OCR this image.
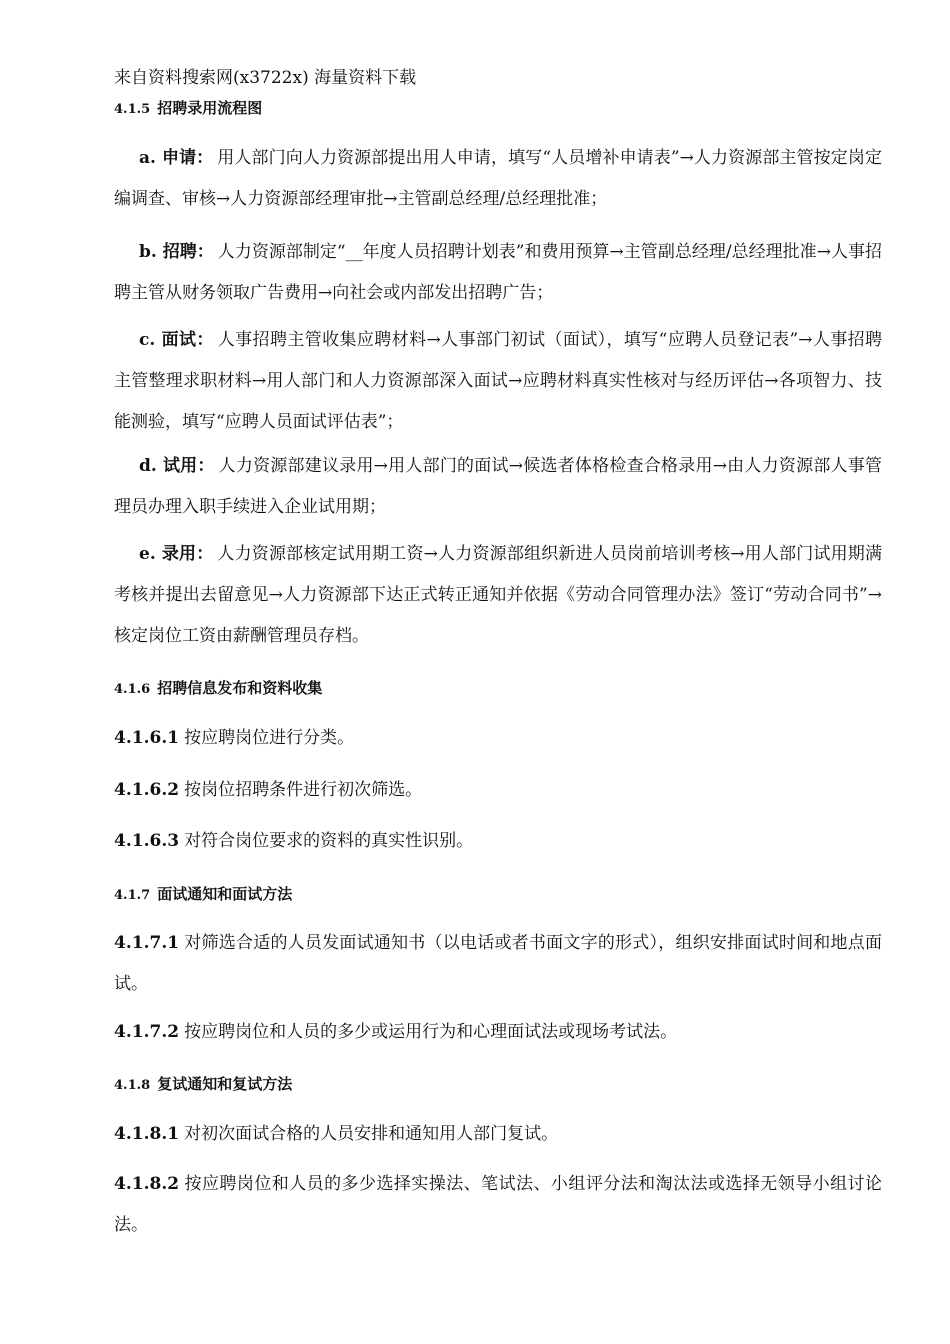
来自资料搜索网(x3722x) 海量资料下载
4.1.5 招聘录用流程图
a. 申请： 用人部门向人力资源部提出用人申请，填写“人员增补申请表”→人力资源部主管按定岗定编调查、审核→人力资源部经理审批→主管副总经理/总经理批准；
b. 招聘： 人力资源部制定“__年度人员招聘计划表”和费用预算→主管副总经理/总经理批准→人事招聘主管从财务领取广告费用→向社会或内部发出招聘广告；
c. 面试： 人事招聘主管收集应聘材料→人事部门初试（面试），填写“应聘人员登记表”→人事招聘主管整理求职材料→用人部门和人力资源部深入面试→应聘材料真实性核对与经历评估→各项智力、技能测验，填写“应聘人员面试评估表”；
d. 试用： 人力资源部建议录用→用人部门的面试→候选者体格检查合格录用→由人力资源部人事管理员办理入职手续进入企业试用期；
e. 录用： 人力资源部核定试用期工资→人力资源部组织新进人员岗前培训考核→用人部门试用期满考核并提出去留意见→人力资源部下达正式转正通知并依据《劳动合同管理办法》签订“劳动合同书”→ 核定岗位工资由薪酬管理员存档。
4.1.6 招聘信息发布和资料收集
4.1.6.1 按应聘岗位进行分类。
4.1.6.2 按岗位招聘条件进行初次筛选。
4.1.6.3 对符合岗位要求的资料的真实性识别。
4.1.7 面试通知和面试方法
4.1.7.1 对筛选合适的人员发面试通知书（以电话或者书面文字的形式），组织安排面试时间和地点面试。
4.1.7.2 按应聘岗位和人员的多少或运用行为和心理面试法或现场考试法。
4.1.8 复试通知和复试方法
4.1.8.1 对初次面试合格的人员安排和通知用人部门复试。
4.1.8.2 按应聘岗位和人员的多少选择实操法、笔试法、小组评分法和淘汰法或选择无领导小组讨论法。
